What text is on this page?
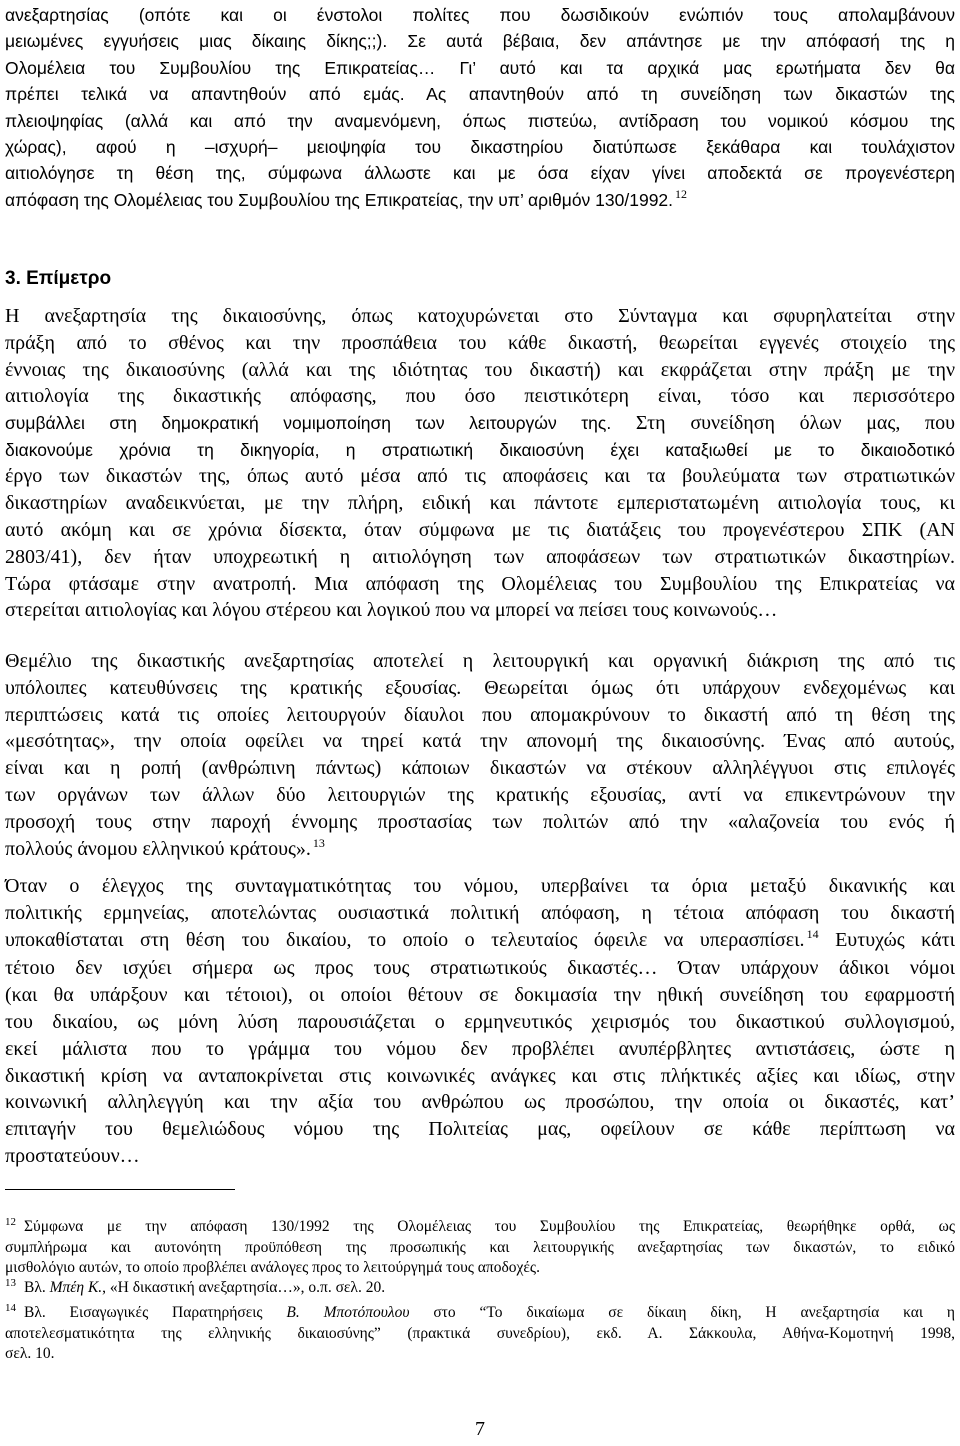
ανεξαρτησίας (οπότε και οι ένστολοι πολίτες που δωσιδικούν ενώπιόν τους απολαμβάνουν
μειωμένες εγγυήσεις μιας δίκαιης δίκης;;). Σε αυτά βέβαια, δεν απάντησε με την απόφασή της η
Ολομέλεια του Συμβουλίου της Επικρατείας… Γι’ αυτό και τα αρχικά μας ερωτήματα δεν θα
πρέπει τελικά να απαντηθούν από εμάς. Ας απαντηθούν από τη συνείδηση των δικαστών της
πλειοψηφίας (αλλά και από την αναμενόμενη, όπως πιστεύω, αντίδραση του νομικού κόσμου της
χώρας), αφού η –ισχυρή– μειοψηφία του δικαστηρίου διατύπωσε ξεκάθαρα και τουλάχιστον
αιτιολόγησε τη θέση της, σύμφωνα άλλωστε και με όσα είχαν γίνει αποδεκτά σε προγενέστερη
απόφαση της Ολομέλειας του Συμβουλίου της Επικρατείας, την υπ’ αριθμόν 130/1992. $^{12}$
3. Επίμετρο
Η ανεξαρτησία της δικαιοσύνης, όπως κατοχυρώνεται στο Σύνταγμα και σφυρηλατείται στην
πράξη από το σθένος και την προσπάθεια του κάθε δικαστή, θεωρείται εγγενές στοιχείο της
έννοιας της δικαιοσύνης (αλλά και της ιδιότητας του δικαστή) και εκφράζεται στην πράξη με την
αιτιολογία της δικαστικής απόφασης, που όσο πειστικότερη είναι, τόσο και περισσότερο
συμβάλλει στη δημοκρατική νομιμοποίηση των λειτουργών της. Στη συνείδηση όλων μας, που
διακονούμε χρόνια τη δικηγορία, η στρατιωτική δικαιοσύνη έχει καταξιωθεί με το δικαιοδοτικό
έργο των δικαστών της, όπως αυτό μέσα από τις αποφάσεις και τα βουλεύματα των στρατιωτικών
δικαστηρίων αναδεικνύεται, με την πλήρη, ειδική και πάντοτε εμπεριστατωμένη αιτιολογία τους, κι
αυτό ακόμη και σε χρόνια δίσεκτα, όταν σύμφωνα με τις διατάξεις του προγενέστερου ΣΠΚ (ΑΝ
2803/41), δεν ήταν υποχρεωτική η αιτιολόγηση των αποφάσεων των στρατιωτικών δικαστηρίων.
Τώρα φτάσαμε στην ανατροπή. Μια απόφαση της Ολομέλειας του Συμβουλίου της Επικρατείας να
στερείται αιτιολογίας και λόγου στέρεου και λογικού που να μπορεί να πείσει τους κοινωνούς…
Θεμέλιο της δικαστικής ανεξαρτησίας αποτελεί η λειτουργική και οργανική διάκριση της από τις
υπόλοιπες κατευθύνσεις της κρατικής εξουσίας. Θεωρείται όμως ότι υπάρχουν ενδεχομένως και
περιπτώσεις κατά τις οποίες λειτουργούν δίαυλοι που απομακρύνουν το δικαστή από τη θέση της
«μεσότητας», την οποία οφείλει να τηρεί κατά την απονομή της δικαιοσύνης. Ένας από αυτούς,
είναι και η ροπή (ανθρώπινη πάντως) κάποιων δικαστών να στέκουν αλληλέγγυοι στις επιλογές
των οργάνων των άλλων δύο λειτουργιών της κρατικής εξουσίας, αντί να επικεντρώνουν την
προσοχή τους στην παροχή έννομης προστασίας των πολιτών από την «αλαζονεία του ενός ή
πολλούς άνομου ελληνικού κράτους». $^{13}$
Όταν ο έλεγχος της συνταγματικότητας του νόμου, υπερβαίνει τα όρια μεταξύ δικανικής και
πολιτικής ερμηνείας, αποτελώντας ουσιαστικά πολιτική απόφαση, η τέτοια απόφαση του δικαστή
υποκαθίσταται στη θέση του δικαίου, το οποίο ο τελευταίος όφειλε να υπερασπίσει. $^{14}$ Ευτυχώς κάτι
τέτοιο δεν ισχύει σήμερα ως προς τους στρατιωτικούς δικαστές… Όταν υπάρχουν άδικοι νόμοι
(και θα υπάρξουν και τέτοιοι), οι οποίοι θέτουν σε δοκιμασία την ηθική συνείδηση του εφαρμοστή
του δικαίου, ως μόνη λύση παρουσιάζεται ο ερμηνευτικός χειρισμός του δικαστικού συλλογισμού,
εκεί μάλιστα που το γράμμα του νόμου δεν προβλέπει ανυπέρβλητες αντιστάσεις, ώστε η
δικαστική κρίση να ανταποκρίνεται στις κοινωνικές ανάγκες και στις πλήκτικές αξίες και ιδίως, στην
κοινωνική αλληλεγγύη και την αξία του ανθρώπου ως προσώπου, την οποία οι δικαστές, κατ’
επιταγήν του θεμελιώδους νόμου της Πολιτείας μας, οφείλουν σε κάθε περίπτωση να
προστατεύουν…
$^{12}$ Σύμφωνα με την απόφαση 130/1992 της Ολομέλειας του Συμβουλίου της Επικρατείας, θεωρήθηκε ορθά, ως
συμπλήρωμα και αυτονόητη προϋπόθεση της προσωπικής και λειτουργικής ανεξαρτησίας των δικαστών, το ειδικό
μισθολόγιο αυτών, το οποίο προβλέπει ανάλογες προς το λειτούργημά τους αποδοχές.
$^{13}$ Βλ. Μπέη Κ., «Η δικαστική ανεξαρτησία…», ο.π. σελ. 20.
$^{14}$ Βλ. Εισαγωγικές Παρατηρήσεις Β. Μποτόπουλου στο “Το δικαίωμα σε δίκαιη δίκη, Η ανεξαρτησία και η
αποτελεσματικότητα της ελληνικής δικαιοσύνης” (πρακτικά συνεδρίου), εκδ. Α. Σάκκουλα, Αθήνα-Κομοτηνή 1998,
σελ. 10.
7
